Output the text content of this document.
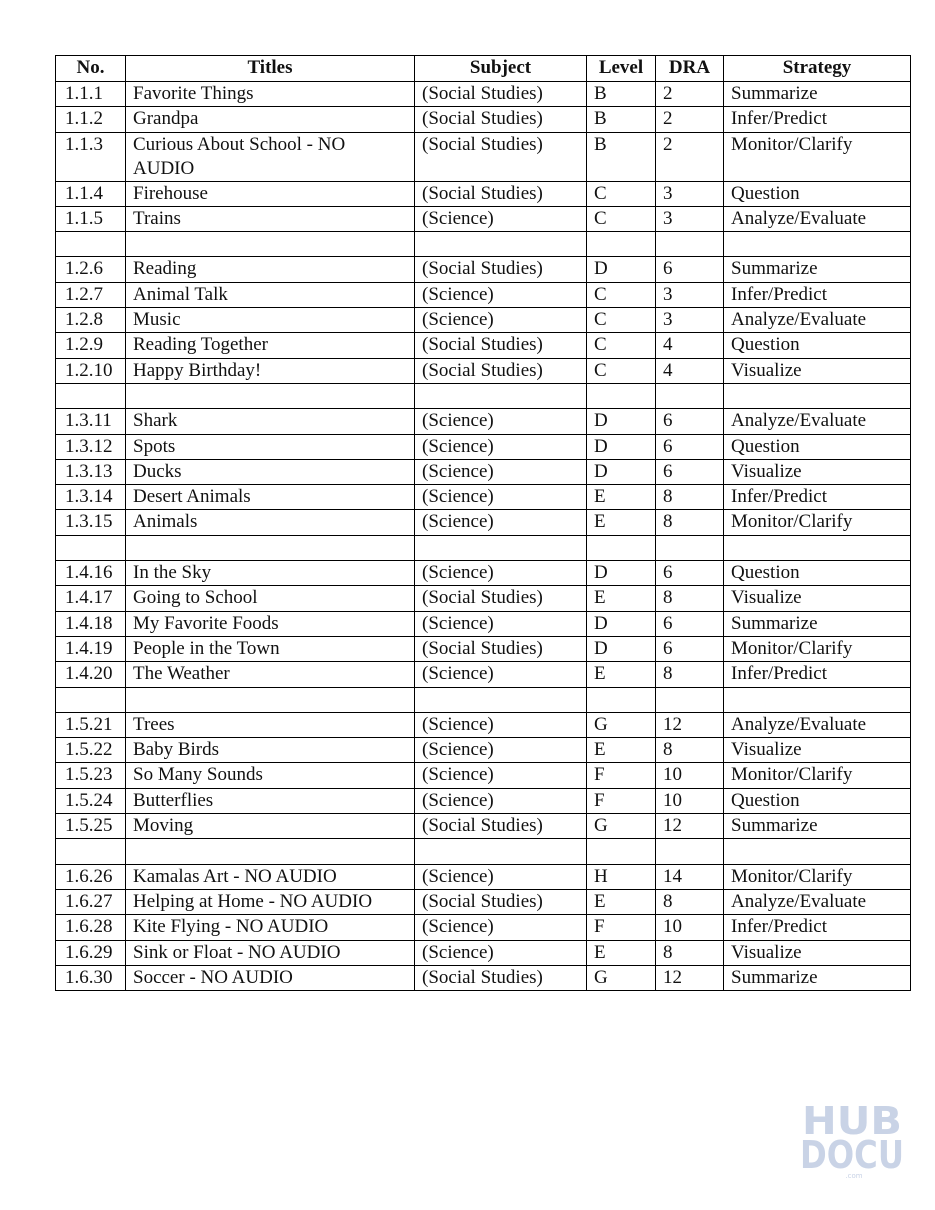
No.	Titles	Subject	Level	DRA	Strategy
1.1.1	Favorite Things	(Social Studies)	B	2	Summarize
1.1.2	Grandpa	(Social Studies)	B	2	Infer/Predict
1.1.3	Curious About School - NO AUDIO	(Social Studies)	B	2	Monitor/Clarify
1.1.4	Firehouse	(Social Studies)	C	3	Question
1.1.5	Trains	(Science)	C	3	Analyze/Evaluate

1.2.6	Reading	(Social Studies)	D	6	Summarize
1.2.7	Animal Talk	(Science)	C	3	Infer/Predict
1.2.8	Music	(Science)	C	3	Analyze/Evaluate
1.2.9	Reading Together	(Social Studies)	C	4	Question
1.2.10	Happy Birthday!	(Social Studies)	C	4	Visualize

1.3.11	Shark	(Science)	D	6	Analyze/Evaluate
1.3.12	Spots	(Science)	D	6	Question
1.3.13	Ducks	(Science)	D	6	Visualize
1.3.14	Desert Animals	(Science)	E	8	Infer/Predict
1.3.15	Animals	(Science)	E	8	Monitor/Clarify

1.4.16	In the Sky	(Science)	D	6	Question
1.4.17	Going to School	(Social Studies)	E	8	Visualize
1.4.18	My Favorite Foods	(Science)	D	6	Summarize
1.4.19	People in the Town	(Social Studies)	D	6	Monitor/Clarify
1.4.20	The Weather	(Science)	E	8	Infer/Predict

1.5.21	Trees	(Science)	G	12	Analyze/Evaluate
1.5.22	Baby Birds	(Science)	E	8	Visualize
1.5.23	So Many Sounds	(Science)	F	10	Monitor/Clarify
1.5.24	Butterflies	(Science)	F	10	Question
1.5.25	Moving	(Social Studies)	G	12	Summarize

1.6.26	Kamalas Art - NO AUDIO	(Science)	H	14	Monitor/Clarify
1.6.27	Helping at Home - NO AUDIO	(Social Studies)	E	8	Analyze/Evaluate
1.6.28	Kite Flying - NO AUDIO	(Science)	F	10	Infer/Predict
1.6.29	Sink or Float - NO AUDIO	(Science)	E	8	Visualize
1.6.30	Soccer - NO AUDIO	(Social Studies)	G	12	Summarize
HUB
DOCU
.com
